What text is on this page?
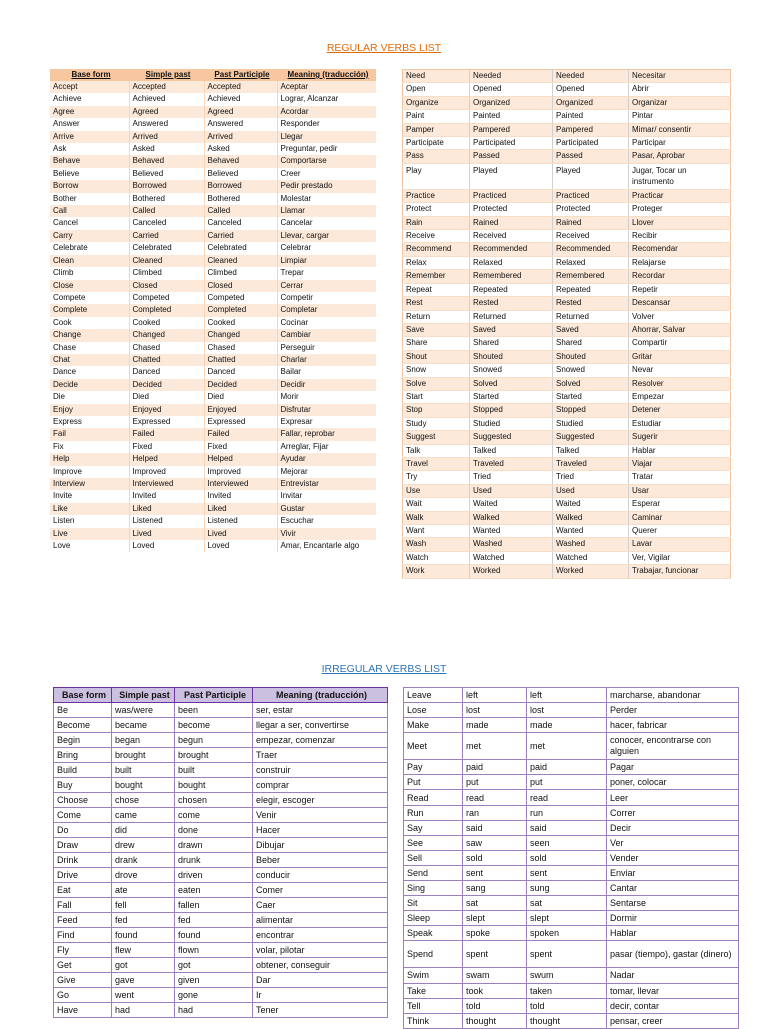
REGULAR VERBS LIST
Base form	Simple past	Past Participle	Meaning (traducción)
Accept	Accepted	Accepted	Aceptar
Achieve	Achieved	Achieved	Lograr, Alcanzar
Agree	Agreed	Agreed	Acordar
Answer	Answered	Answered	Responder
Arrive	Arrived	Arrived	Llegar
Ask	Asked	Asked	Preguntar, pedir
Behave	Behaved	Behaved	Comportarse
Believe	Believed	Believed	Creer
Borrow	Borrowed	Borrowed	Pedir prestado
Bother	Bothered	Bothered	Molestar
Call	Called	Called	Llamar
Cancel	Canceled	Canceled	Cancelar
Carry	Carried	Carried	Llevar, cargar
Celebrate	Celebrated	Celebrated	Celebrar
Clean	Cleaned	Cleaned	Limpiar
Climb	Climbed	Climbed	Trepar
Close	Closed	Closed	Cerrar
Compete	Competed	Competed	Competir
Complete	Completed	Completed	Completar
Cook	Cooked	Cooked	Cocinar
Change	Changed	Changed	Cambiar
Chase	Chased	Chased	Perseguir
Chat	Chatted	Chatted	Charlar
Dance	Danced	Danced	Bailar
Decide	Decided	Decided	Decidir
Die	Died	Died	Morir
Enjoy	Enjoyed	Enjoyed	Disfrutar
Express	Expressed	Expressed	Expresar
Fail	Failed	Failed	Fallar, reprobar
Fix	Fixed	Fixed	Arreglar, Fijar
Help	Helped	Helped	Ayudar
Improve	Improved	Improved	Mejorar
Interview	Interviewed	Interviewed	Entrevistar
Invite	Invited	Invited	Invitar
Like	Liked	Liked	Gustar
Listen	Listened	Listened	Escuchar
Live	Lived	Lived	Vivir
Love	Loved	Loved	Amar, Encantarle algo
Need	Needed	Needed	Necesitar
Open	Opened	Opened	Abrir
Organize	Organized	Organized	Organizar
Paint	Painted	Painted	Pintar
Pamper	Pampered	Pampered	Mimar/ consentir
Participate	Participated	Participated	Participar
Pass	Passed	Passed	Pasar, Aprobar
Play	Played	Played	Jugar, Tocar un instrumento
Practice	Practiced	Practiced	Practicar
Protect	Protected	Protected	Proteger
Rain	Rained	Rained	Llover
Receive	Received	Received	Recibir
Recommend	Recommended	Recommended	Recomendar
Relax	Relaxed	Relaxed	Relajarse
Remember	Remembered	Remembered	Recordar
Repeat	Repeated	Repeated	Repetir
Rest	Rested	Rested	Descansar
Return	Returned	Returned	Volver
Save	Saved	Saved	Ahorrar, Salvar
Share	Shared	Shared	Compartir
Shout	Shouted	Shouted	Gritar
Snow	Snowed	Snowed	Nevar
Solve	Solved	Solved	Resolver
Start	Started	Started	Empezar
Stop	Stopped	Stopped	Detener
Study	Studied	Studied	Estudiar
Suggest	Suggested	Suggested	Sugerir
Talk	Talked	Talked	Hablar
Travel	Traveled	Traveled	Viajar
Try	Tried	Tried	Tratar
Use	Used	Used	Usar
Wait	Waited	Waited	Esperar
Walk	Walked	Walked	Caminar
Want	Wanted	Wanted	Querer
Wash	Washed	Washed	Lavar
Watch	Watched	Watched	Ver, Vigilar
Work	Worked	Worked	Trabajar, funcionar
IRREGULAR VERBS LIST
Base form	Simple past	Past Participle	Meaning (traducción)
Be	was/were	been	ser, estar
Become	became	become	llegar a ser, convertirse
Begin	began	begun	empezar, comenzar
Bring	brought	brought	Traer
Build	built	built	construir
Buy	bought	bought	comprar
Choose	chose	chosen	elegir, escoger
Come	came	come	Venir
Do	did	done	Hacer
Draw	drew	drawn	Dibujar
Drink	drank	drunk	Beber
Drive	drove	driven	conducir
Eat	ate	eaten	Comer
Fall	fell	fallen	Caer
Feed	fed	fed	alimentar
Find	found	found	encontrar
Fly	flew	flown	volar, pilotar
Get	got	got	obtener, conseguir
Give	gave	given	Dar
Go	went	gone	Ir
Have	had	had	Tener
Leave	left	left	marcharse, abandonar
Lose	lost	lost	Perder
Make	made	made	hacer, fabricar
Meet	met	met	conocer, encontrarse con alguien
Pay	paid	paid	Pagar
Put	put	put	poner, colocar
Read	read	read	Leer
Run	ran	run	Correr
Say	said	said	Decir
See	saw	seen	Ver
Sell	sold	sold	Vender
Send	sent	sent	Enviar
Sing	sang	sung	Cantar
Sit	sat	sat	Sentarse
Sleep	slept	slept	Dormir
Speak	spoke	spoken	Hablar
Spend	spent	spent	pasar (tiempo), gastar (dinero)
Swim	swam	swum	Nadar
Take	took	taken	tomar, llevar
Tell	told	told	decir, contar
Think	thought	thought	pensar, creer
